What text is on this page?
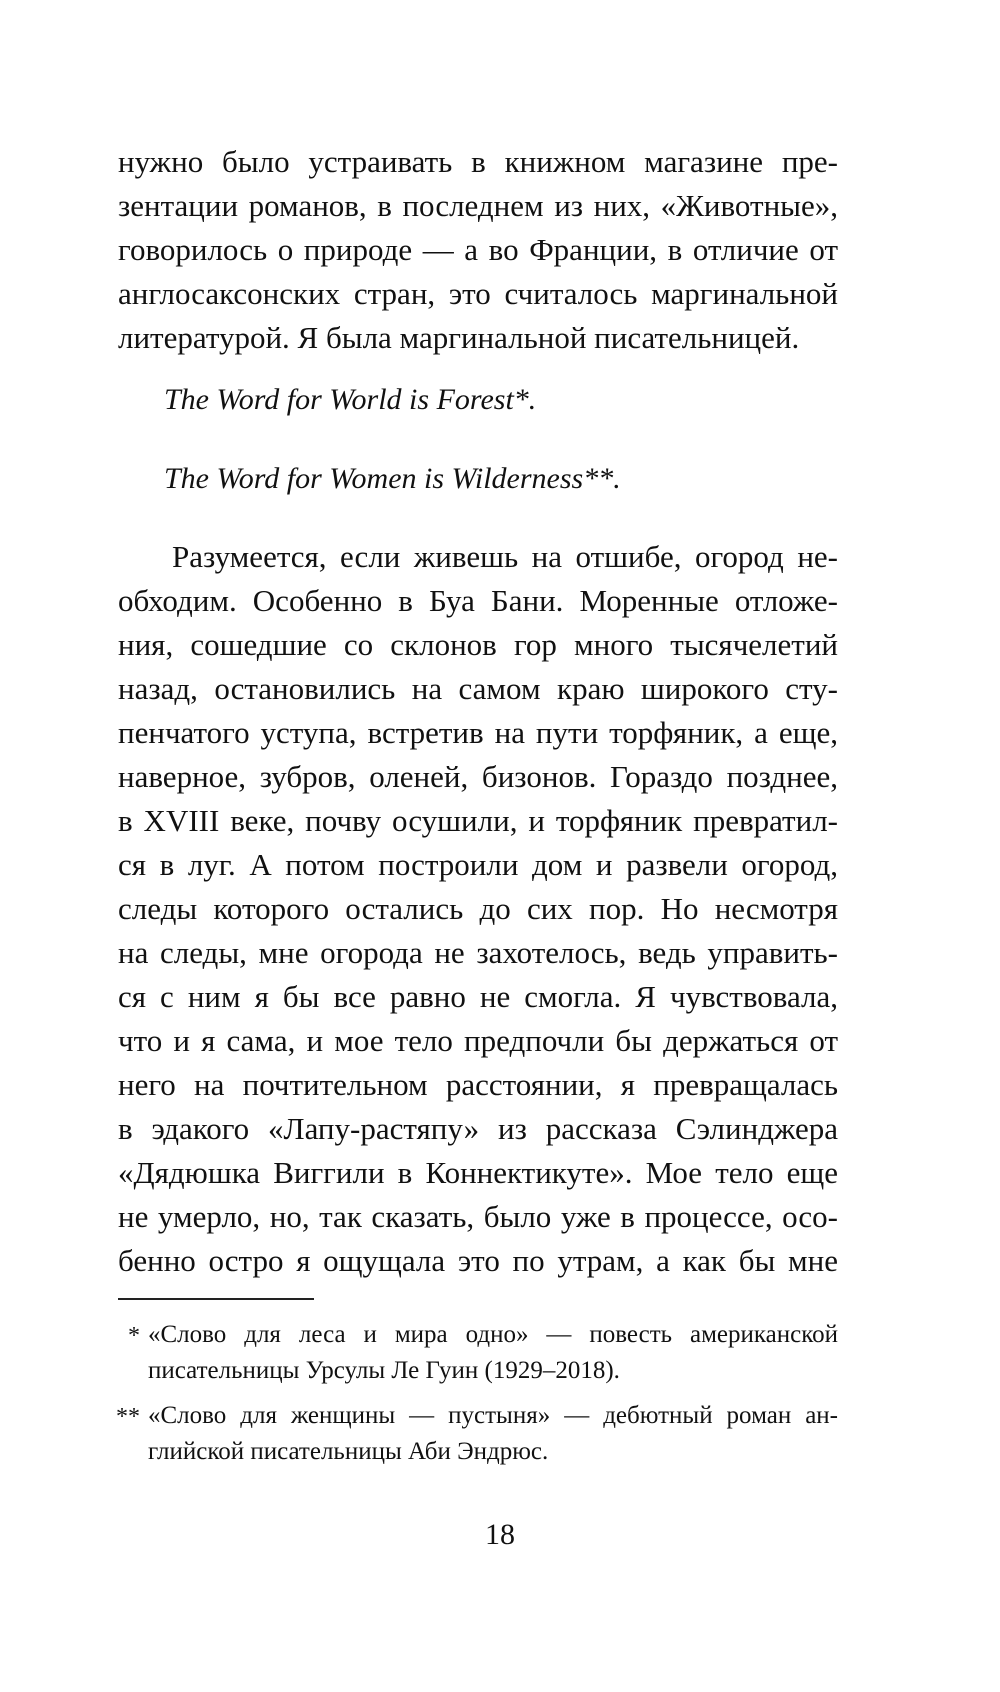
нужно было устраивать в книжном магазине пре-
зентации романов, в последнем из них, «Животные»,
говорилось о природе — а во Франции, в отличие от
англосаксонских стран, это считалось маргинальной
литературой. Я была маргинальной писательницей.
The Word for World is Forest*.
The Word for Women is Wilderness**.
Разумеется, если живешь на отшибе, огород не-
обходим. Особенно в Буа Бани. Моренные отложе-
ния, сошедшие со склонов гор много тысячелетий
назад, остановились на самом краю широкого сту-
пенчатого уступа, встретив на пути торфяник, а еще,
наверное, зубров, оленей, бизонов. Гораздо позднее,
в XVIII веке, почву осушили, и торфяник превратил-
ся в луг. А потом построили дом и развели огород,
следы которого остались до сих пор. Но несмотря
на следы, мне огорода не захотелось, ведь управить-
ся с ним я бы все равно не смогла. Я чувствовала,
что и я сама, и мое тело предпочли бы держаться от
него на почтительном расстоянии, я превращалась
в эдакого «Лапу-растяпу» из рассказа Сэлинджера
«Дядюшка Виггили в Коннектикуте». Мое тело еще
не умерло, но, так сказать, было уже в процессе, осо-
бенно остро я ощущала это по утрам, а как бы мне
* «Слово для леса и мира одно» — повесть американской
писательницы Урсулы Ле Гуин (1929–2018).
** «Слово для женщины — пустыня» — дебютный роман ан-
глийской писательницы Аби Эндрюс.
18
